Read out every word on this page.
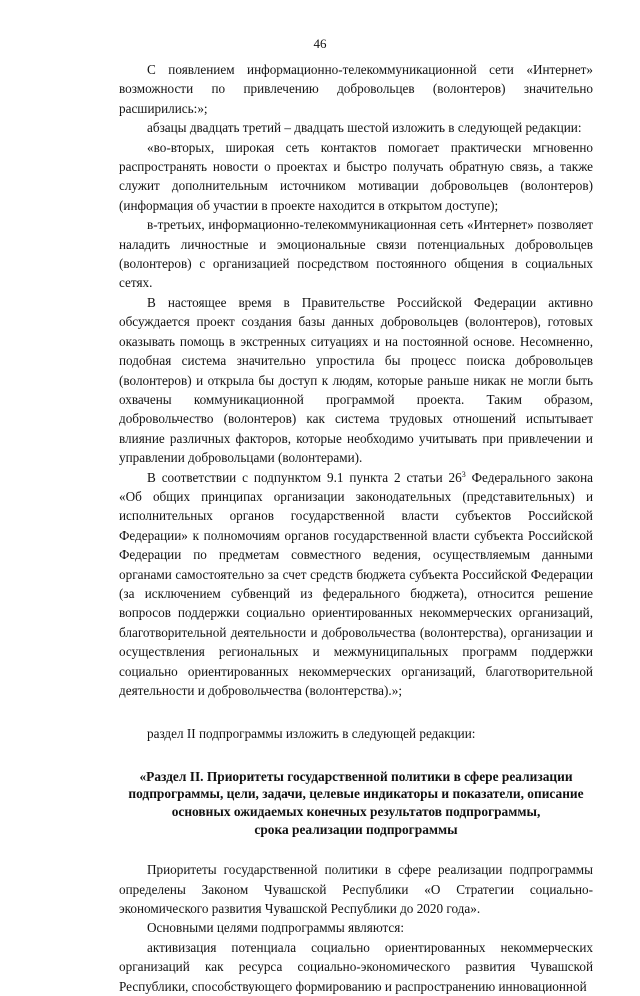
46

С появлением информационно-телекоммуникационной сети «Интернет» возможности по привлечению добровольцев (волонтеров) значительно расширились:»;

абзацы двадцать третий – двадцать шестой изложить в следующей редакции:

«во-вторых, широкая сеть контактов помогает практически мгновенно распространять новости о проектах и быстро получать обратную связь, а также служит дополнительным источником мотивации добровольцев (волонтеров) (информация об участии в проекте находится в открытом доступе);

в-третьих, информационно-телекоммуникационная сеть «Интернет» позволяет наладить личностные и эмоциональные связи потенциальных добровольцев (волонтеров) с организацией посредством постоянного общения в социальных сетях.

В настоящее время в Правительстве Российской Федерации активно обсуждается проект создания базы данных добровольцев (волонтеров), готовых оказывать помощь в экстренных ситуациях и на постоянной основе. Несомненно, подобная система значительно упростила бы процесс поиска добровольцев (волонтеров) и открыла бы доступ к людям, которые раньше никак не могли быть охвачены коммуникационной программой проекта. Таким образом, добровольчество (волонтеров) как система трудовых отношений испытывает влияние различных факторов, которые необходимо учитывать при привлечении и управлении добровольцами (волонтерами).

В соответствии с подпунктом 9.1 пункта 2 статьи $26^3$ Федерального закона «Об общих принципах организации законодательных (представительных) и исполнительных органов государственной власти субъектов Российской Федерации» к полномочиям органов государственной власти субъекта Российской Федерации по предметам совместного ведения, осуществляемым данными органами самостоятельно за счет средств бюджета субъекта Российской Федерации (за исключением субвенций из федерального бюджета), относится решение вопросов поддержки социально ориентированных некоммерческих организаций, благотворительной деятельности и добровольчества (волонтерства), организации и осуществления региональных и межмуниципальных программ поддержки социально ориентированных некоммерческих организаций, благотворительной деятельности и добровольчества (волонтерства).»;

раздел II подпрограммы изложить в следующей редакции:

«Раздел II. Приоритеты государственной политики в сфере реализации

подпрограммы, цели, задачи, целевые индикаторы и показатели, описание

основных ожидаемых конечных результатов подпрограммы,

срока реализации подпрограммы

Приоритеты государственной политики в сфере реализации подпрограммы определены Законом Чувашской Республики «О Стратегии социально-экономического развития Чувашской Республики до 2020 года».

Основными целями подпрограммы являются:

активизация потенциала социально ориентированных некоммерческих организаций как ресурса социально-экономического развития Чувашской Республики, способствующего формированию и распространению инновационной
